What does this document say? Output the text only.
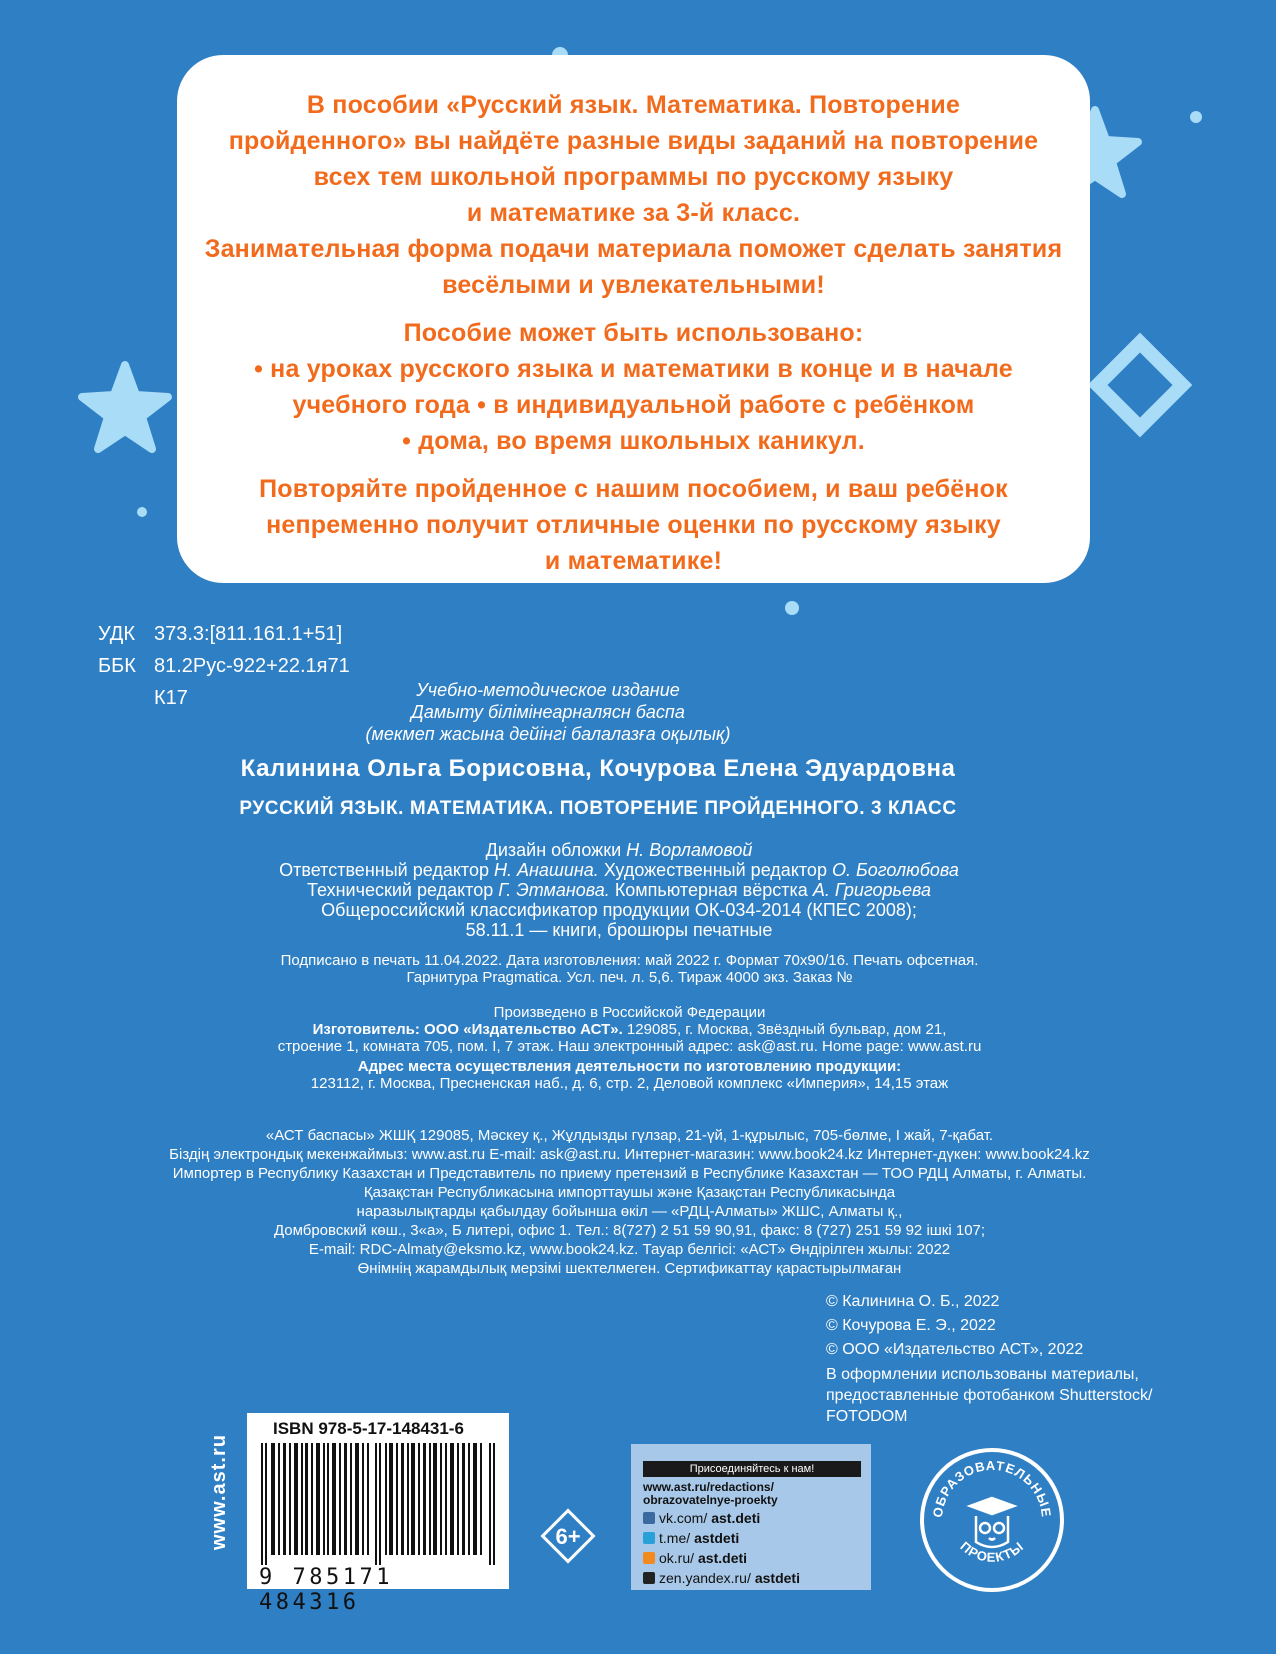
В пособии «Русский язык. Математика. Повторение
пройденного» вы найдёте разные виды заданий на повторение
всех тем школьной программы по русскому языку
и математике за 3-й класс.
Занимательная форма подачи материала поможет сделать занятия
весёлыми и увлекательными!
Пособие может быть использовано:
• на уроках русского языка и математики в конце и в начале
учебного года • в индивидуальной работе с ребёнком
• дома, во время школьных каникул.
Повторяйте пройденное с нашим пособием, и ваш ребёнок
непременно получит отличные оценки по русскому языку
и математике!
УДК 373.3:[811.161.1+51]
ББК 81.2Рус-922+22.1я71
К17	Учебно-методическое издание
Дамыту білімінеарналяcн баспа
(мекмеп жасына дейінгі балалазға оқылық)
Калинина Ольга Борисовна, Кочурова Елена Эдуардовна
РУССКИЙ ЯЗЫК. МАТЕМАТИКА. ПОВТОРЕНИЕ ПРОЙДЕННОГО. 3 КЛАСС
Дизайн обложки Н. Ворламовой
Ответственный редактор Н. Анашина. Художественный редактор О. Боголюбова
Технический редактор Г. Этманова. Компьютерная вёрстка А. Григорьева
Общероссийский классификатор продукции ОК-034-2014 (КПЕС 2008);
58.11.1 — книги, брошюры печатные
Подписано в печать 11.04.2022. Дата изготовления: май 2022 г. Формат 70x90/16. Печать офсетная.
Гарнитура Pragmatica. Усл. печ. л. 5,6. Тираж 4000 экз. Заказ №
Произведено в Российской Федерации
Изготовитель: ООО «Издательство АСТ». 129085, г. Москва, Звёздный бульвар, дом 21,
строение 1, комната 705, пом. I, 7 этаж. Наш электронный адрес: ask@ast.ru. Home page: www.ast.ru
Адрес места осуществления деятельности по изготовлению продукции:
123112, г. Москва, Пресненская наб., д. 6, стр. 2, Деловой комплекс «Империя», 14,15 этаж
«АСТ баспасы» ЖШҚ 129085, Мәскеу қ., Жұлдызды гүлзар, 21-үй, 1-құрылыс, 705-бөлме, I жай, 7-қабат.
Біздің электрондық мекенжаймыз: www.ast.ru E-mail: ask@ast.ru. Интернет-магазин: www.book24.kz Интернет-дүкен: www.book24.kz
Импортер в Республику Казахстан и Представитель по приему претензий в Республике Казахстан — ТОО РДЦ Алматы, г. Алматы.
Қазақстан Республикасына импорттаушы және Қазақстан Республикасында
наразылықтарды қабылдау бойынша өкіл — «РДЦ-Алматы» ЖШС, Алматы қ.,
Домбровский көш., 3«а», Б литері, офис 1. Тел.: 8(727) 2 51 59 90,91, факс: 8 (727) 251 59 92 ішкі 107;
E-mail: RDC-Almaty@eksmo.kz, www.book24.kz. Тауар белгісі: «АСТ» Өндірілген жылы: 2022
Өнімнің жарамдылық мерзімі шектелмеген. Сертификаттау қарастырылмаған
© Калинина О. Б., 2022
© Кочурова Е. Э., 2022
© ООО «Издательство АСТ», 2022
В оформлении использованы материалы,
предоставленные фотобанком Shutterstock/
FOTODOM
www.ast.ru
ISBN 978-5-17-148431-6
9 785171 484316
6+
Присоединяйтесь к нам!
www.ast.ru/redactions/
obrazovatelnye-proekty
vk.com/ ast.deti
t.me/ astdeti
ok.ru/ ast.deti
zen.yandex.ru/ astdeti
ОБРАЗОВАТЕЛЬНЫЕ
ПРОЕКТЫ
